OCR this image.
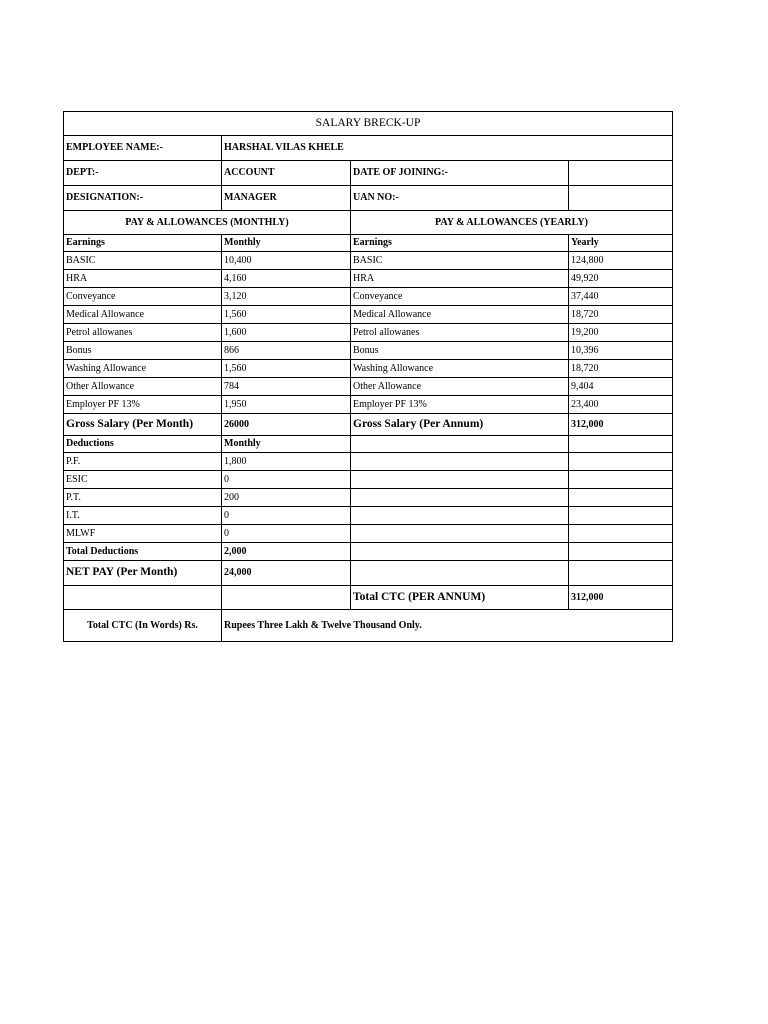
SALARY BRECK-UP			
EMPLOYEE NAME:-	HARSHAL VILAS KHELE		
DEPT:-	ACCOUNT	DATE OF JOINING:-	
DESIGNATION:-	MANAGER	UAN NO:-	
PAY & ALLOWANCES (MONTHLY)		PAY & ALLOWANCES (YEARLY)	
Earnings	Monthly	Earnings	Yearly
BASIC	10,400	BASIC	124,800
HRA	4,160	HRA	49,920
Conveyance	3,120	Conveyance	37,440
Medical Allowance	1,560	Medical Allowance	18,720
Petrol allowanes	1,600	Petrol allowanes	19,200
Bonus	866	Bonus	10,396
Washing Allowance	1,560	Washing Allowance	18,720
Other Allowance	784	Other Allowance	9,404
Employer PF 13%	1,950	Employer PF 13%	23,400
Gross Salary (Per Month)	26000	Gross Salary (Per Annum)	312,000
Deductions	Monthly		
P.F.	1,800		
ESIC	0		
P.T.	200		
I.T.	0		
MLWF	0		
Total Deductions	2,000		
NET PAY (Per Month)	24,000		
		Total CTC (PER ANNUM)	312,000
Total CTC (In Words) Rs.	Rupees Three Lakh & Twelve Thousand Only.		
